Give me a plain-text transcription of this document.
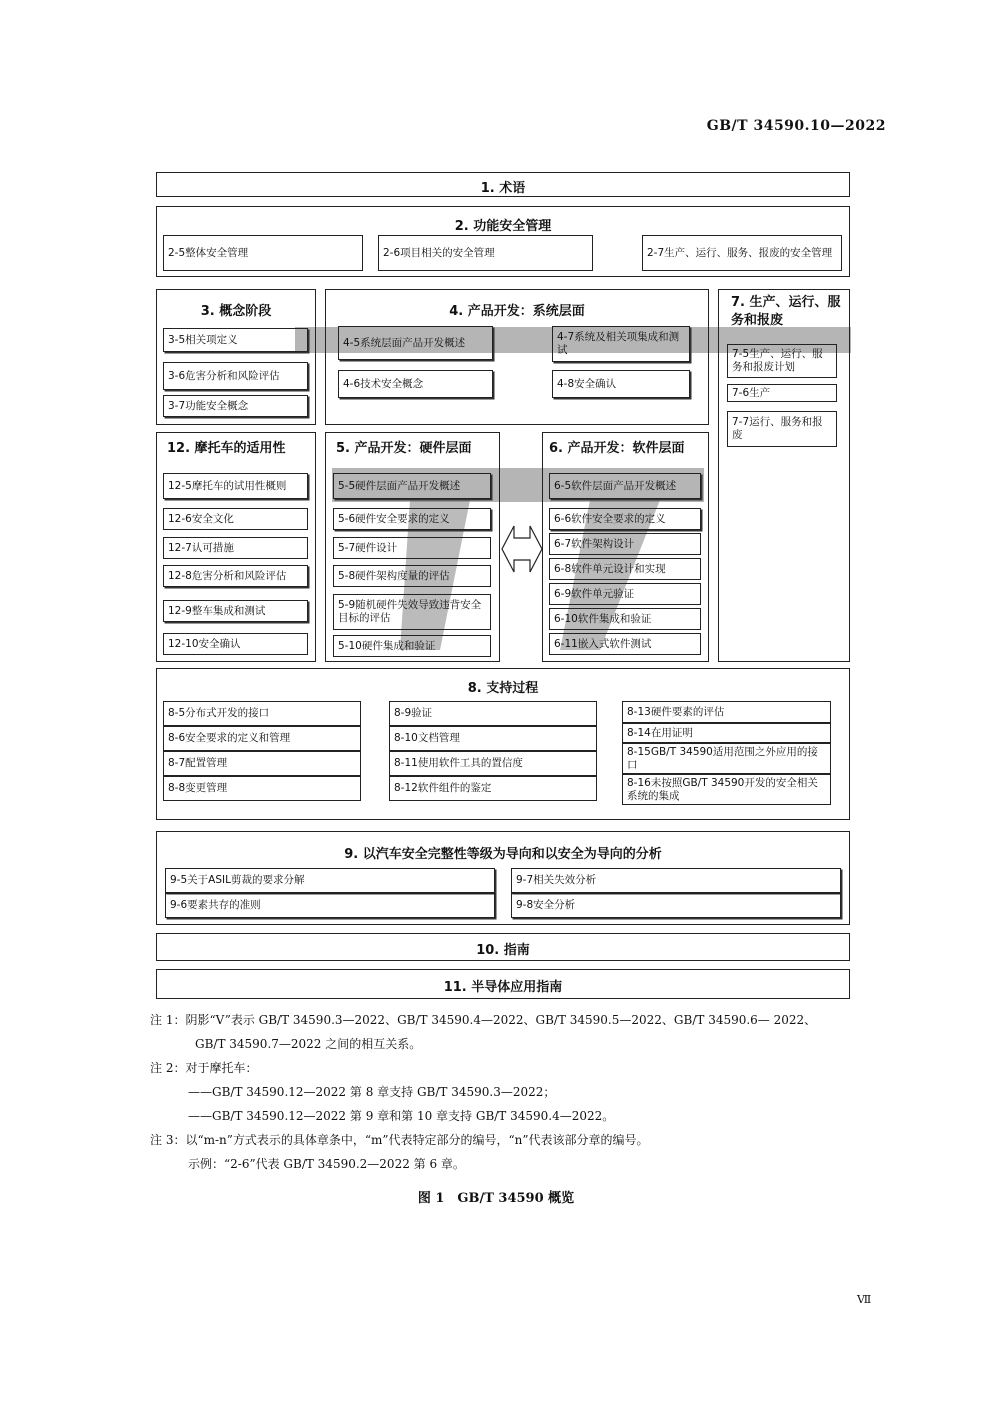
GB/T 34590.10—2022
1. 术语
2. 功能安全管理
2-5整体安全管理	2-6项目相关的安全管理	2-7生产、运行、服务、报废的安全管理
3. 概念阶段
3-5相关项定义
3-6危害分析和风险评估
3-7功能安全概念
4. 产品开发：系统层面
4-5系统层面产品开发概述	4-7系统及相关项集成和测试
4-6技术安全概念	4-8安全确认
7. 生产、运行、服务和报废
7-5生产、运行、服务和报废计划
7-6生产
7-7运行、服务和报废
12. 摩托车的适用性
12-5摩托车的试用性概则
12-6安全文化
12-7认可措施
12-8危害分析和风险评估
12-9整车集成和测试
12-10安全确认
5. 产品开发：硬件层面
5-5硬件层面产品开发概述
5-6硬件安全要求的定义
5-7硬件设计
5-8硬件架构度量的评估
5-9随机硬件失效导致违背安全目标的评估
5-10硬件集成和验证
6. 产品开发：软件层面
6-5软件层面产品开发概述
6-6软件安全要求的定义
6-7软件架构设计
6-8软件单元设计和实现
6-9软件单元验证
6-10软件集成和验证
6-11嵌入式软件测试
8. 支持过程
8-5分布式开发的接口
8-6安全要求的定义和管理
8-7配置管理
8-8变更管理
8-9验证
8-10文档管理
8-11使用软件工具的置信度
8-12软件组件的鉴定
8-13硬件要素的评估
8-14在用证明
8-15GB/T 34590适用范围之外应用的接口
8-16未按照GB/T 34590开发的安全相关系统的集成
9. 以汽车安全完整性等级为导向和以安全为导向的分析
9-5关于ASIL剪裁的要求分解	9-7相关失效分析
9-6要素共存的准则	9-8安全分析
10. 指南
11. 半导体应用指南
注 1：阴影“V”表示 GB/T 34590.3—2022、GB/T 34590.4—2022、GB/T 34590.5—2022、GB/T 34590.6— 2022、
GB/T 34590.7—2022 之间的相互关系。
注 2：对于摩托车：
——GB/T 34590.12—2022 第 8 章支持 GB/T 34590.3—2022；
——GB/T 34590.12—2022 第 9 章和第 10 章支持 GB/T 34590.4—2022。
注 3：以“m-n”方式表示的具体章条中，“m”代表特定部分的编号，“n”代表该部分章的编号。
示例：“2-6”代表 GB/T 34590.2—2022 第 6 章。
图 1　GB/T 34590 概览
Ⅶ
